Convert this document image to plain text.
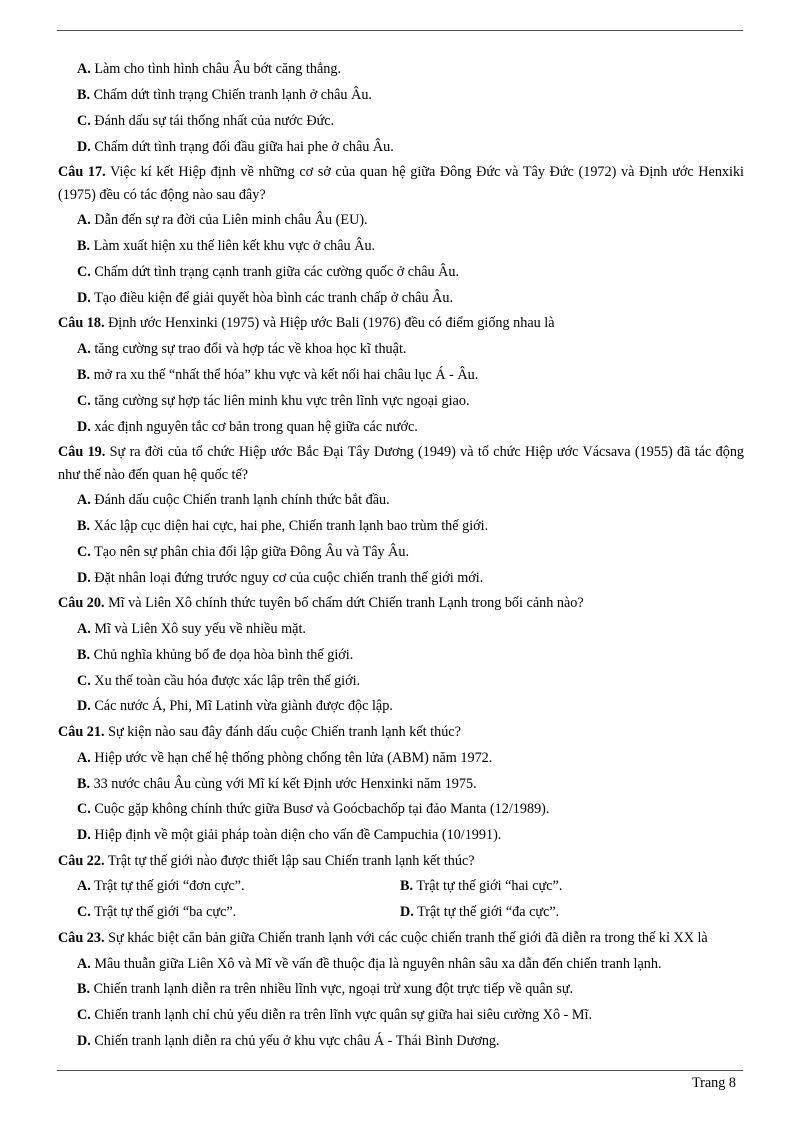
A. Làm cho tình hình châu Âu bớt căng thẳng.
B. Chấm dứt tình trạng Chiến tranh lạnh ở châu Âu.
C. Đánh dấu sự tái thống nhất của nước Đức.
D. Chấm dứt tình trạng đối đầu giữa hai phe ở châu Âu.
Câu 17. Việc kí kết Hiệp định về những cơ sở của quan hệ giữa Đông Đức và Tây Đức (1972) và Định ước Henxiki (1975) đều có tác động nào sau đây?
A. Dẫn đến sự ra đời của Liên minh châu Âu (EU).
B. Làm xuất hiện xu thế liên kết khu vực ở châu Âu.
C. Chấm dứt tình trạng cạnh tranh giữa các cường quốc ở châu Âu.
D. Tạo điều kiện để giải quyết hòa bình các tranh chấp ở châu Âu.
Câu 18. Định ước Henxinki (1975) và Hiệp ước Bali (1976) đều có điểm giống nhau là
A. tăng cường sự trao đổi và hợp tác về khoa học kĩ thuật.
B. mở ra xu thế “nhất thể hóa” khu vực và kết nối hai châu lục Á - Âu.
C. tăng cường sự hợp tác liên minh khu vực trên lĩnh vực ngoại giao.
D. xác định nguyên tắc cơ bản trong quan hệ giữa các nước.
Câu 19. Sự ra đời của tổ chức Hiệp ước Bắc Đại Tây Dương (1949) và tổ chức Hiệp ước Vácsava (1955) đã tác động như thế nào đến quan hệ quốc tế?
A. Đánh dấu cuộc Chiến tranh lạnh chính thức bắt đầu.
B. Xác lập cục diện hai cực, hai phe, Chiến tranh lạnh bao trùm thế giới.
C. Tạo nên sự phân chia đối lập giữa Đông Âu và Tây Âu.
D. Đặt nhân loại đứng trước nguy cơ của cuộc chiến tranh thế giới mới.
Câu 20. Mĩ và Liên Xô chính thức tuyên bố chấm dứt Chiến tranh Lạnh trong bối cảnh nào?
A. Mĩ và Liên Xô suy yếu về nhiều mặt.
B. Chủ nghĩa khủng bố đe dọa hòa bình thế giới.
C. Xu thế toàn cầu hóa được xác lập trên thế giới.
D. Các nước Á, Phi, Mĩ Latinh vừa giành được độc lập.
Câu 21. Sự kiện nào sau đây đánh dấu cuộc Chiến tranh lạnh kết thúc?
A. Hiệp ước về hạn chế hệ thống phòng chống tên lửa (ABM) năm 1972.
B. 33 nước châu Âu cùng với Mĩ kí kết Định ước Henxinki năm 1975.
C. Cuộc gặp không chính thức giữa Busơ và Goócbachốp tại đảo Manta (12/1989).
D. Hiệp định về một giải pháp toàn diện cho vấn đề Campuchia (10/1991).
Câu 22. Trật tự thế giới nào được thiết lập sau Chiến tranh lạnh kết thúc?
A. Trật tự thế giới “đơn cực”.	B. Trật tự thế giới “hai cực”.
C. Trật tự thế giới “ba cực”.	D. Trật tự thế giới “đa cực”.
Câu 23. Sự khác biệt căn bản giữa Chiến tranh lạnh với các cuộc chiến tranh thế giới đã diễn ra trong thế kỉ XX là
A. Mâu thuẫn giữa Liên Xô và Mĩ về vấn đề thuộc địa là nguyên nhân sâu xa dẫn đến chiến tranh lạnh.
B. Chiến tranh lạnh diễn ra trên nhiều lĩnh vực, ngoại trừ xung đột trực tiếp về quân sự.
C. Chiến tranh lạnh chỉ chủ yếu diễn ra trên lĩnh vực quân sự giữa hai siêu cường Xô - Mĩ.
D. Chiến tranh lạnh diễn ra chủ yếu ở khu vực châu Á - Thái Bình Dương.
Trang 8
